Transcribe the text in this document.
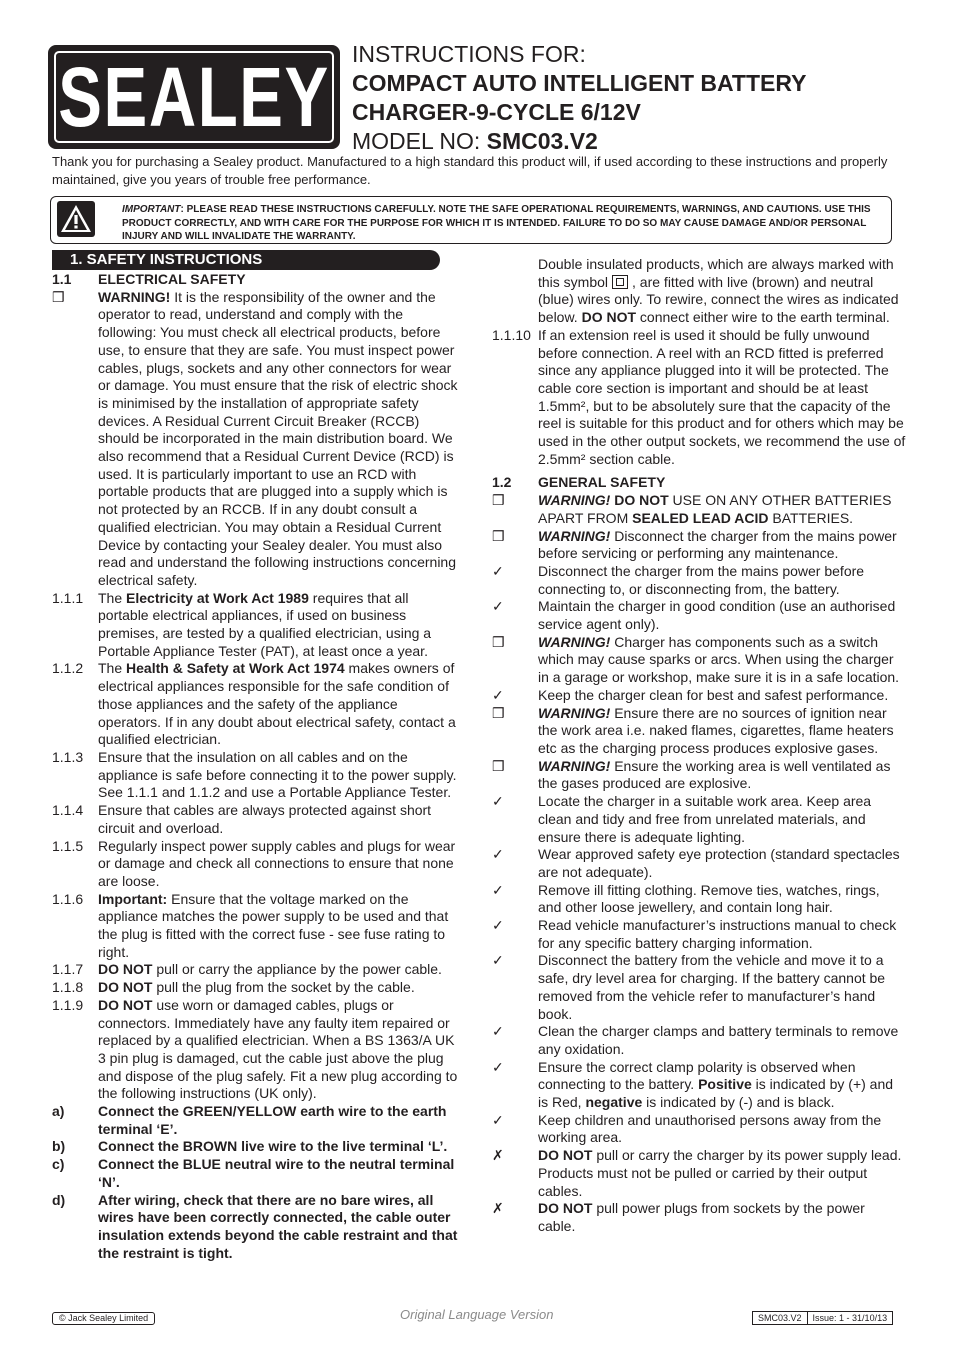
SEALEY INSTRUCTIONS FOR:
COMPACT AUTO INTELLIGENT BATTERY
CHARGER-9-CYCLE 6/12V
MODEL NO: SMC03.V2
Thank you for purchasing a Sealey product. Manufactured to a high standard this product will, if used according to these instructions and properly maintained, give you years of trouble free performance.
IMPORTANT: PLEASE READ THESE INSTRUCTIONS CAREFULLY. NOTE THE SAFE OPERATIONAL REQUIREMENTS, WARNINGS, AND CAUTIONS. USE THIS PRODUCT CORRECTLY, AND WITH CARE FOR THE PURPOSE FOR WHICH IT IS INTENDED. FAILURE TO DO SO MAY CAUSE DAMAGE AND/OR PERSONAL INJURY AND WILL INVALIDATE THE WARRANTY.
1. SAFETY INSTRUCTIONS
1.1	ELECTRICAL SAFETY
❒	WARNING! It is the responsibility of the owner and the operator to read, understand and comply with the following: You must check all electrical products, before use, to ensure that they are safe. You must inspect power cables, plugs, sockets and any other connectors for wear or damage. You must ensure that the risk of electric shock is minimised by the installation of appropriate safety devices. A Residual Current Circuit Breaker (RCCB) should be incorporated in the main distribution board. We also recommend that a Residual Current Device (RCD) is used. It is particularly important to use an RCD with portable products that are plugged into a supply which is not protected by an RCCB. If in any doubt consult a qualified electrician. You may obtain a Residual Current Device by contacting your Sealey dealer. You must also read and understand the following instructions concerning electrical safety.
1.1.1	The Electricity at Work Act 1989 requires that all portable electrical appliances, if used on business premises, are tested by a qualified electrician, using a Portable Appliance Tester (PAT), at least once a year.
1.1.2	The Health & Safety at Work Act 1974 makes owners of electrical appliances responsible for the safe condition of those appliances and the safety of the appliance operators. If in any doubt about electrical safety, contact a qualified electrician.
1.1.3	Ensure that the insulation on all cables and on the appliance is safe before connecting it to the power supply. See 1.1.1 and 1.1.2 and use a Portable Appliance Tester.
1.1.4	Ensure that cables are always protected against short circuit and overload.
1.1.5	Regularly inspect power supply cables and plugs for wear or damage and check all connections to ensure that none are loose.
1.1.6	Important: Ensure that the voltage marked on the appliance matches the power supply to be used and that the plug is fitted with the correct fuse - see fuse rating to right.
1.1.7	DO NOT pull or carry the appliance by the power cable.
1.1.8	DO NOT pull the plug from the socket by the cable.
1.1.9	DO NOT use worn or damaged cables, plugs or connectors. Immediately have any faulty item repaired or replaced by a qualified electrician. When a BS 1363/A UK 3 pin plug is damaged, cut the cable just above the plug and dispose of the plug safely. Fit a new plug according to the following instructions (UK only).
a)	Connect the GREEN/YELLOW earth wire to the earth terminal ‘E’.
b)	Connect the BROWN live wire to the live terminal ‘L’.
c)	Connect the BLUE neutral wire to the neutral terminal ‘N’.
d)	After wiring, check that there are no bare wires, all wires have been correctly connected, the cable outer insulation extends beyond the cable restraint and that the restraint is tight.
Double insulated products, which are always marked with this symbol , are fitted with live (brown) and neutral (blue) wires only. To rewire, connect the wires as indicated below. DO NOT connect either wire to the earth terminal.
1.1.10 If an extension reel is used it should be fully unwound before connection. A reel with an RCD fitted is preferred since any appliance plugged into it will be protected. The cable core section is important and should be at least 1.5mm², but to be absolutely sure that the capacity of the reel is suitable for this product and for others which may be used in the other output sockets, we recommend the use of 2.5mm² section cable.
1.2	GENERAL SAFETY
❒	WARNING! DO NOT USE ON ANY OTHER BATTERIES APART FROM SEALED LEAD ACID BATTERIES.
❒	WARNING! Disconnect the charger from the mains power before servicing or performing any maintenance.
✓	Disconnect the charger from the mains power before connecting to, or disconnecting from, the battery.
✓	Maintain the charger in good condition (use an authorised service agent only).
❒	WARNING! Charger has components such as a switch which may cause sparks or arcs. When using the charger in a garage or workshop, make sure it is in a safe location.
✓	Keep the charger clean for best and safest performance.
❒	WARNING! Ensure there are no sources of ignition near the work area i.e. naked flames, cigarettes, flame heaters etc as the charging process produces explosive gases.
❒	WARNING! Ensure the working area is well ventilated as the gases produced are explosive.
✓	Locate the charger in a suitable work area. Keep area clean and tidy and free from unrelated materials, and ensure there is adequate lighting.
✓	Wear approved safety eye protection (standard spectacles are not adequate).
✓	Remove ill fitting clothing. Remove ties, watches, rings, and other loose jewellery, and contain long hair.
✓	Read vehicle manufacturer’s instructions manual to check for any specific battery charging information.
✓	Disconnect the battery from the vehicle and move it to a safe, dry level area for charging. If the battery cannot be removed from the vehicle refer to manufacturer’s hand book.
✓	Clean the charger clamps and battery terminals to remove any oxidation.
✓	Ensure the correct clamp polarity is observed when connecting to the battery. Positive is indicated by (+) and is Red, negative is indicated by (-) and is black.
✓	Keep children and unauthorised persons away from the working area.
✗	DO NOT pull or carry the charger by its power supply lead. Products must not be pulled or carried by their output cables.
✗	DO NOT pull power plugs from sockets by the power cable.
© Jack Sealey Limited	Original Language Version	SMC03.V2	Issue: 1 - 31/10/13
